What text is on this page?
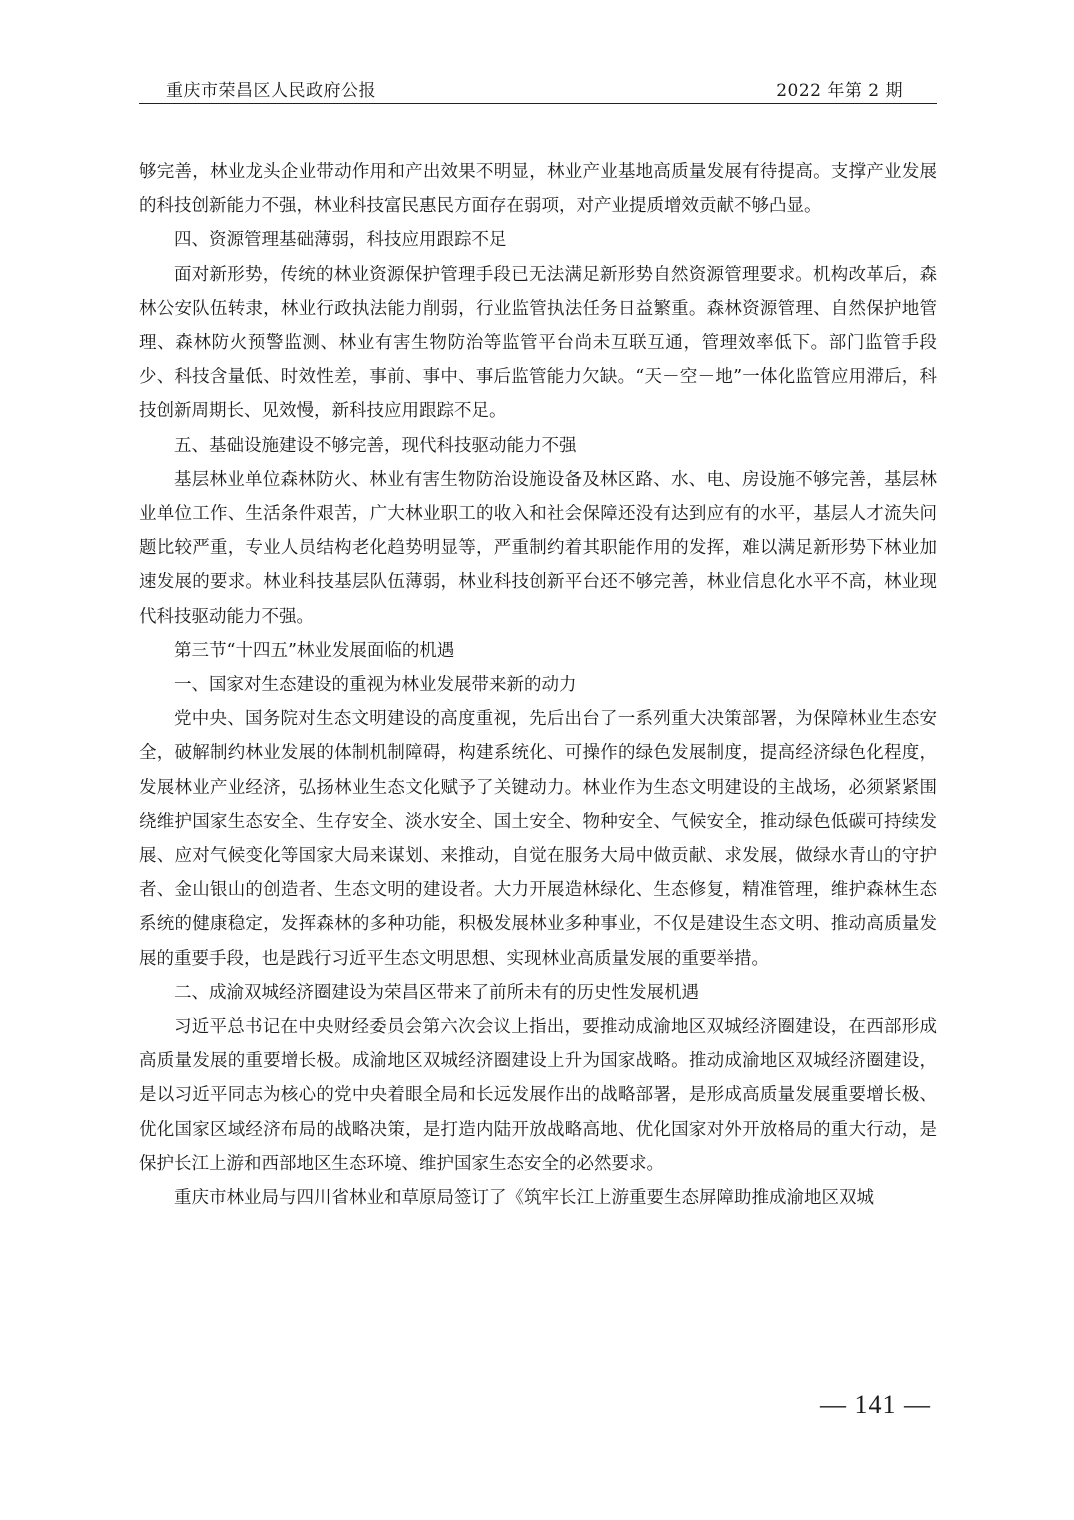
重庆市荣昌区人民政府公报	2022 年第 2 期

够完善，林业龙头企业带动作用和产出效果不明显，林业产业基地高质量发展有待提高。支撑产业发展的科技创新能力不强，林业科技富民惠民方面存在弱项，对产业提质增效贡献不够凸显。

四、资源管理基础薄弱，科技应用跟踪不足

面对新形势，传统的林业资源保护管理手段已无法满足新形势自然资源管理要求。机构改革后，森林公安队伍转隶，林业行政执法能力削弱，行业监管执法任务日益繁重。森林资源管理、自然保护地管理、森林防火预警监测、林业有害生物防治等监管平台尚未互联互通，管理效率低下。部门监管手段少、科技含量低、时效性差，事前、事中、事后监管能力欠缺。“天－空－地”一体化监管应用滞后，科技创新周期长、见效慢，新科技应用跟踪不足。

五、基础设施建设不够完善，现代科技驱动能力不强

基层林业单位森林防火、林业有害生物防治设施设备及林区路、水、电、房设施不够完善，基层林业单位工作、生活条件艰苦，广大林业职工的收入和社会保障还没有达到应有的水平，基层人才流失问题比较严重，专业人员结构老化趋势明显等，严重制约着其职能作用的发挥，难以满足新形势下林业加速发展的要求。林业科技基层队伍薄弱，林业科技创新平台还不够完善，林业信息化水平不高，林业现代科技驱动能力不强。

第三节“十四五”林业发展面临的机遇

一、国家对生态建设的重视为林业发展带来新的动力

党中央、国务院对生态文明建设的高度重视，先后出台了一系列重大决策部署，为保障林业生态安全，破解制约林业发展的体制机制障碍，构建系统化、可操作的绿色发展制度，提高经济绿色化程度，发展林业产业经济，弘扬林业生态文化赋予了关键动力。林业作为生态文明建设的主战场，必须紧紧围绕维护国家生态安全、生存安全、淡水安全、国土安全、物种安全、气候安全，推动绿色低碳可持续发展、应对气候变化等国家大局来谋划、来推动，自觉在服务大局中做贡献、求发展，做绿水青山的守护者、金山银山的创造者、生态文明的建设者。大力开展造林绿化、生态修复，精准管理，维护森林生态系统的健康稳定，发挥森林的多种功能，积极发展林业多种事业，不仅是建设生态文明、推动高质量发展的重要手段，也是践行习近平生态文明思想、实现林业高质量发展的重要举措。

二、成渝双城经济圈建设为荣昌区带来了前所未有的历史性发展机遇

习近平总书记在中央财经委员会第六次会议上指出，要推动成渝地区双城经济圈建设，在西部形成高质量发展的重要增长极。成渝地区双城经济圈建设上升为国家战略。推动成渝地区双城经济圈建设，是以习近平同志为核心的党中央着眼全局和长远发展作出的战略部署，是形成高质量发展重要增长极、优化国家区域经济布局的战略决策，是打造内陆开放战略高地、优化国家对外开放格局的重大行动，是保护长江上游和西部地区生态环境、维护国家生态安全的必然要求。

重庆市林业局与四川省林业和草原局签订了《筑牢长江上游重要生态屏障助推成渝地区双城

— 141 —
